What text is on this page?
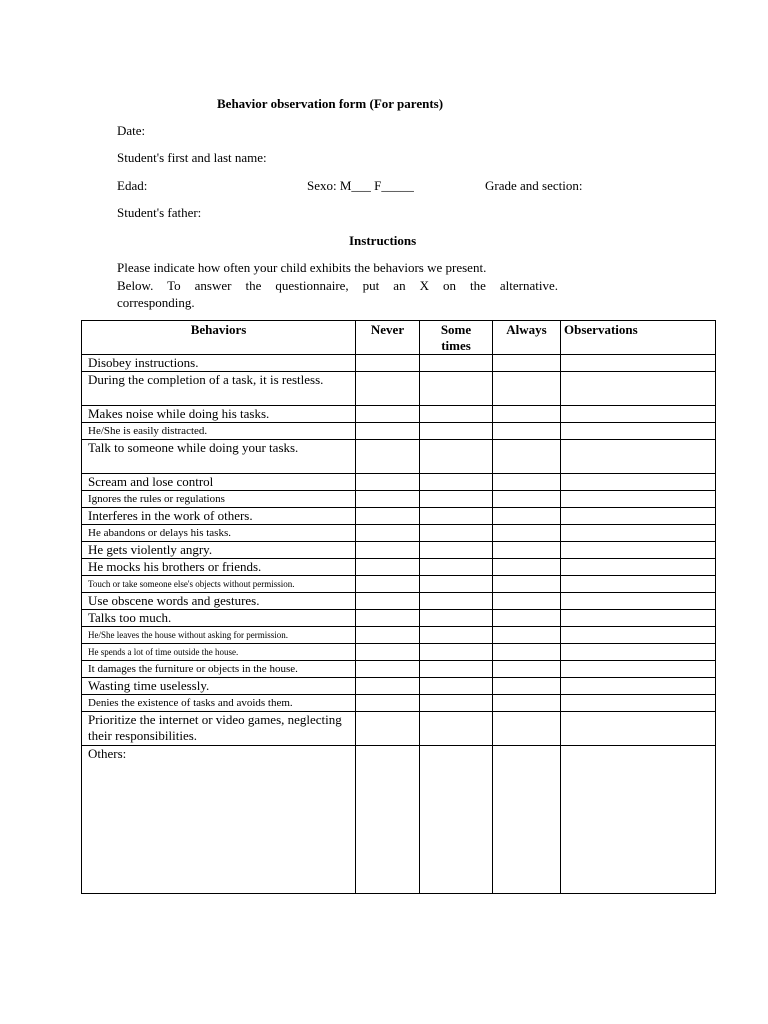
Behavior observation form (For parents)
Date:
Student's first and last name:
Edad:	Sexo: M___ F_____	Grade and section:
Student's father:
Instructions
Please indicate how often your child exhibits the behaviors we present.
Below. To answer the questionnaire, put an X on the alternative.
corresponding.
Behaviors	Never	Some times	Always	Observations
Disobey instructions.				
During the completion of a task, it is restless.				
Makes noise while doing his tasks.				
He/She is easily distracted.				
Talk to someone while doing your tasks.				
Scream and lose control				
Ignores the rules or regulations				
Interferes in the work of others.				
He abandons or delays his tasks.				
He gets violently angry.				
He mocks his brothers or friends.				
Touch or take someone else's objects without permission.				
Use obscene words and gestures.				
Talks too much.				
He/She leaves the house without asking for permission.				
He spends a lot of time outside the house.				
It damages the furniture or objects in the house.				
Wasting time uselessly.				
Denies the existence of tasks and avoids them.				
Prioritize the internet or video games, neglecting their responsibilities.				
Others:				
